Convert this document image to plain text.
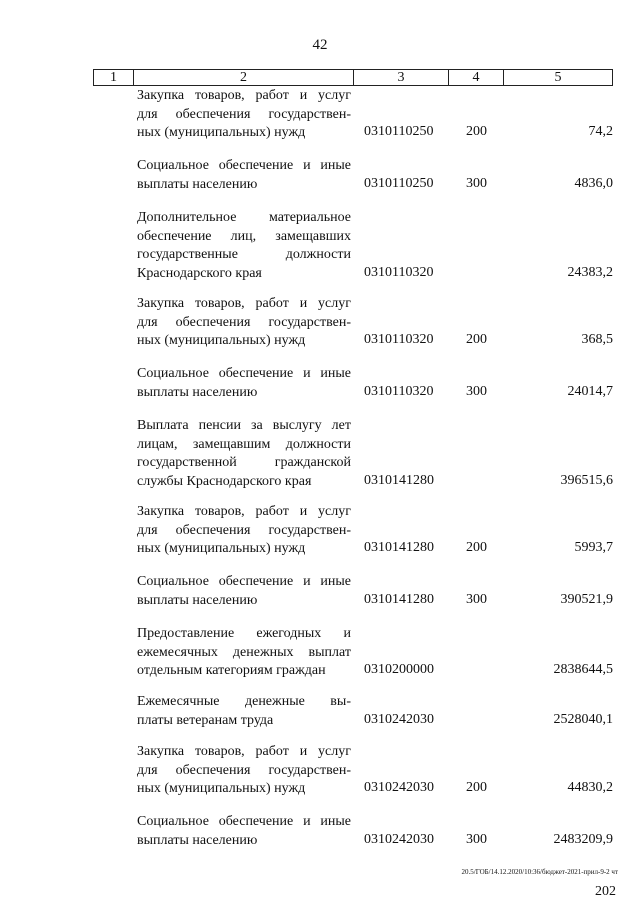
42
1	2	3	4	5
Закупка товаров, работ и услуг
для обеспечения государствен-
ных (муниципальных) нужд	0310110250 200	74,2
Социальное обеспечение и иные
выплаты населению	0310110250 300	4836,0
Дополнительное материальное
обеспечение лиц, замещавших
государственные должности
Краснодарского края	0310110320	24383,2
Закупка товаров, работ и услуг
для обеспечения государствен-
ных (муниципальных) нужд	0310110320 200	368,5
Социальное обеспечение и иные
выплаты населению	0310110320 300	24014,7
Выплата пенсии за выслугу лет
лицам, замещавшим должности
государственной гражданской
службы Краснодарского края	0310141280	396515,6
Закупка товаров, работ и услуг
для обеспечения государствен-
ных (муниципальных) нужд	0310141280 200	5993,7
Социальное обеспечение и иные
выплаты населению	0310141280 300	390521,9
Предоставление ежегодных и
ежемесячных денежных выплат
отдельным категориям граждан	0310200000	2838644,5
Ежемесячные денежные вы-
платы ветеранам труда	0310242030	2528040,1
Закупка товаров, работ и услуг
для обеспечения государствен-
ных (муниципальных) нужд	0310242030 200	44830,2
Социальное обеспечение и иные
выплаты населению	0310242030 300	2483209,9
20.5/ГОБ/14.12.2020/10:36/бюджет-2021-прил-9-2 чт
202
